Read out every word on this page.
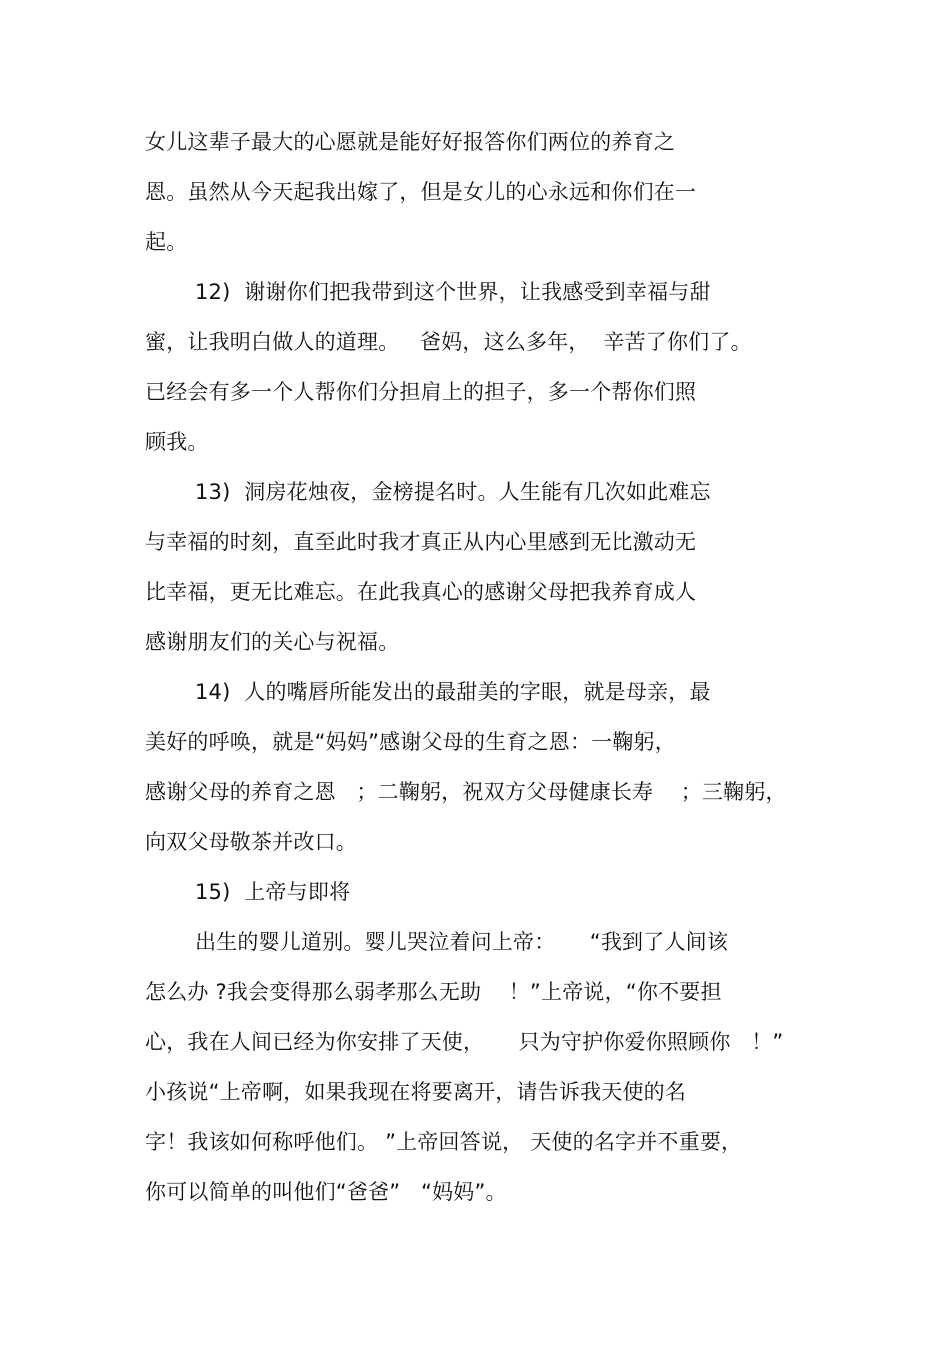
女儿这辈子最大的心愿就是能好好报答你们两位的养育之
恩。虽然从今天起我出嫁了，但是女儿的心永远和你们在一
起。
12)  谢谢你们把我带到这个世界，让我感受到幸福与甜
蜜，让我明白做人的道理。   爸妈，这么多年，  辛苦了你们了。
已经会有多一个人帮你们分担肩上的担子，多一个帮你们照
顾我。
13)  洞房花烛夜，金榜提名时。人生能有几次如此难忘
与幸福的时刻，直至此时我才真正从内心里感到无比激动无
比幸福，更无比难忘。在此我真心的感谢父母把我养育成人
感谢朋友们的关心与祝福。
14)  人的嘴唇所能发出的最甜美的字眼，就是母亲，最
美好的呼唤，就是“妈妈”感谢父母的生育之恩：一鞠躬，
感谢父母的养育之恩   ；二鞠躬，祝双方父母健康长寿    ；三鞠躬，
向双父母敬茶并改口。
15)  上帝与即将
出生的婴儿道别。婴儿哭泣着问上帝：     “我到了人间该
怎么办 ?我会变得那么弱孝那么无助    ！”上帝说，“你不要担
心，我在人间已经为你安排了天使，     只为守护你爱你照顾你   ！”
小孩说“上帝啊，如果我现在将要离开，请告诉我天使的名
字！我该如何称呼他们。 ”上帝回答说， 天使的名字并不重要，
你可以简单的叫他们“爸爸”   “妈妈”。
